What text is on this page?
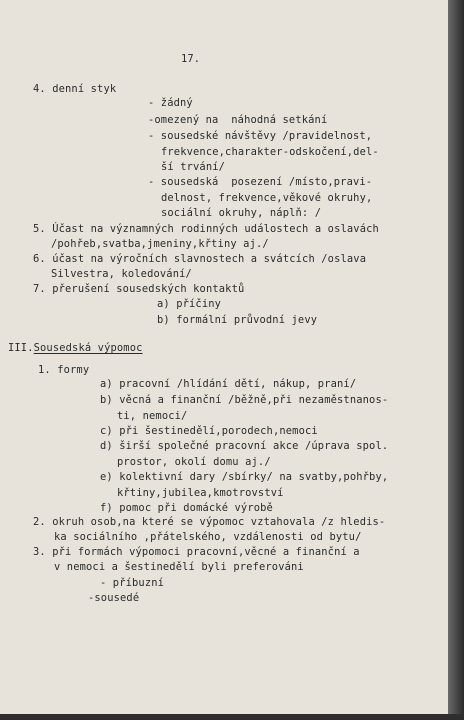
17.

4. denní styk

- žádný

-omezený na  náhodná setkání

- sousedské návštěvy /pravidelnost,

frekvence,charakter-odskočení,del-

ší trvání/

- sousedská  posezení /místo,pravi-

delnost, frekvence,věkové okruhy,

sociální okruhy, náplň: /

5. Účast na významných rodinných událostech a oslavách

/pohřeb,svatba,jmeniny,křtiny aj./

6. účast na výročních slavnostech a svátcích /oslava

Silvestra, koledování/

7. přerušení sousedských kontaktů

a) příčiny

b) formální průvodní jevy

III.Sousedská výpomoc

1. formy

a) pracovní /hlídání dětí, nákup, praní/

b) věcná a finanční /běžně,při nezaměstnanos-

ti, nemoci/

c) při šestinedělí,porodech,nemoci

d) širší společné pracovní akce /úprava spol.

prostor, okolí domu aj./

e) kolektivní dary /sbírky/ na svatby,pohřby,

křtiny,jubilea,kmotrovství

f) pomoc při domácké výrobě

2. okruh osob,na které se výpomoc vztahovala /z hledis-

ka sociálního ,přátelského, vzdálenosti od bytu/

3. při formách výpomoci pracovní,věcné a finanční a

v nemoci a šestinedělí byli preferováni

- příbuzní

-sousedé
